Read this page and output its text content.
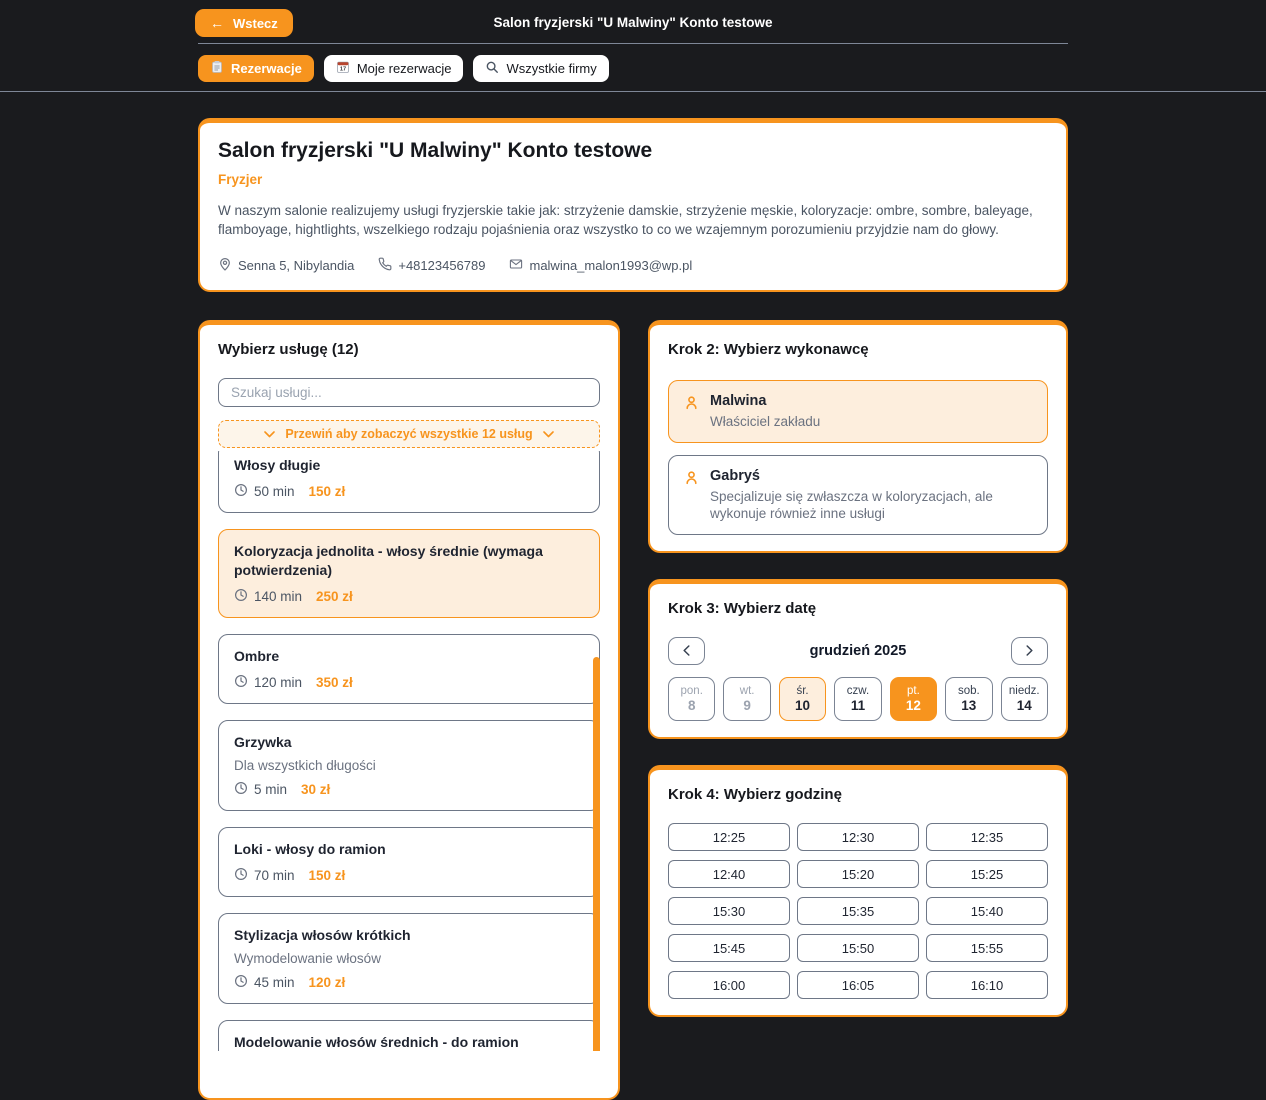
← Wstecz	Salon fryzjerski "U Malwiny" Konto testowe
Rezerwacje	17 Moje rezerwacje	Wszystkie firmy
Salon fryzjerski "U Malwiny" Konto testowe
Fryzjer

W naszym salonie realizujemy usługi fryzjerskie takie jak: strzyżenie damskie, strzyżenie męskie, koloryzacje: ombre, sombre, baleyage, flamboyage, hightlights, wszelkiego rodzaju pojaśnienia oraz wszystko to co we wzajemnym porozumieniu przyjdzie nam do głowy.

Senna 5, Nibylandia	+48123456789	malwina_malon1993@wp.pl
Wybierz usługę (12)
Szukaj usługi...
Przewiń aby zobaczyć wszystkie 12 usług
Włosy długie
50 min 150 zł
Koloryzacja jednolita - włosy średnie (wymaga potwierdzenia)
140 min 250 zł
Ombre
120 min 350 zł
Grzywka
Dla wszystkich długości
5 min 30 zł
Loki - włosy do ramion
70 min 150 zł
Stylizacja włosów krótkich
Wymodelowanie włosów
45 min 120 zł
Modelowanie włosów średnich - do ramion
Krok 2: Wybierz wykonawcę
Malwina
Właściciel zakładu
Gabryś
Specjalizuje się zwłaszcza w koloryzacjach, ale wykonuje również inne usługi
Krok 3: Wybierz datę
grudzień 2025
pon.
8
wt.
9
śr.
10
czw.
11
pt.
12
sob.
13
niedz.
14
Krok 4: Wybierz godzinę
12:25	12:30	12:35
12:40	15:20	15:25
15:30	15:35	15:40
15:45	15:50	15:55
16:00	16:05	16:10
